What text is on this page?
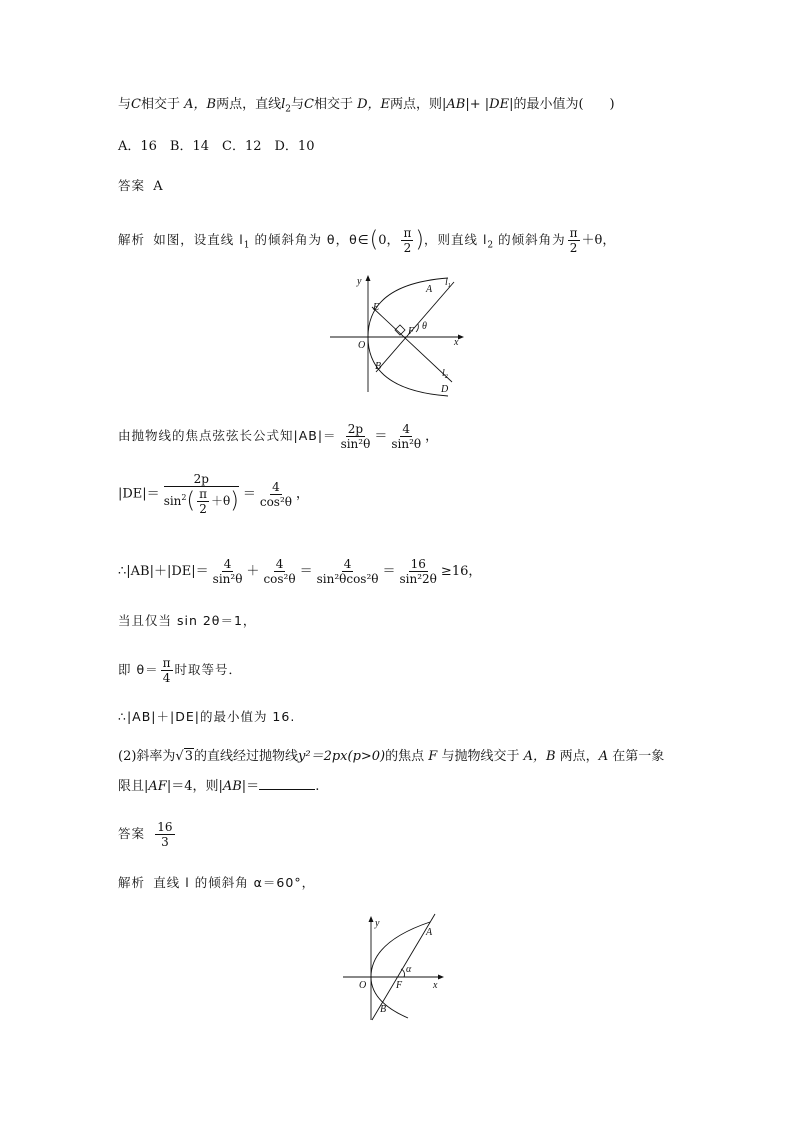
与C相交于 A，B两点，直线$l_2$与C相交于 D，E两点，则|AB|+ |DE|的最小值为(　　)
A．16　B．14　C．12　D．10
答案 A
解析 如图，设直线 $l_1$ 的倾斜角为 θ，θ∈(0， $\frac{\pi}{2}$ )，则直线 $l_2$ 的倾斜角为 $\frac{\pi}{2} +\theta$，
y
x
O
E
A
$l_1$
F θ
B
$l_2$
D
由抛物线的焦点弦弦长公式知$|AB|= \frac{2p}{\text{sin²θ}} = \frac{4}{\text{sin²θ}}$ ，
$|DE|= \frac{2p}{\sin^2( \frac{\pi}{2} +\theta)} = \frac{4}{\text{cos²θ}}$ ，
∴|AB|＋|DE|＝ $\frac{4}{\text{sin²θ}} + \frac{4}{\text{cos²θ}} = \frac{4}{\text{sin²θcos²θ}} = \frac{16}{\text{sin²2θ}} \ge 16$，
当且仅当 sin 2θ＝1，
即 $\theta= \frac{\pi}{4}$ 时取等号．
∴|AB|＋|DE|的最小值为 16.
(2)斜率为√3的直线经过抛物线y²＝2px(p>0)的焦点 F 与抛物线交于 A，B 两点，A 在第一象
限且|AF|＝4，则|AB|＝	.
答案 $\frac{16}{3}$
解析 直线 l 的倾斜角 α＝60°，
y
x
O
A
F
α
B
